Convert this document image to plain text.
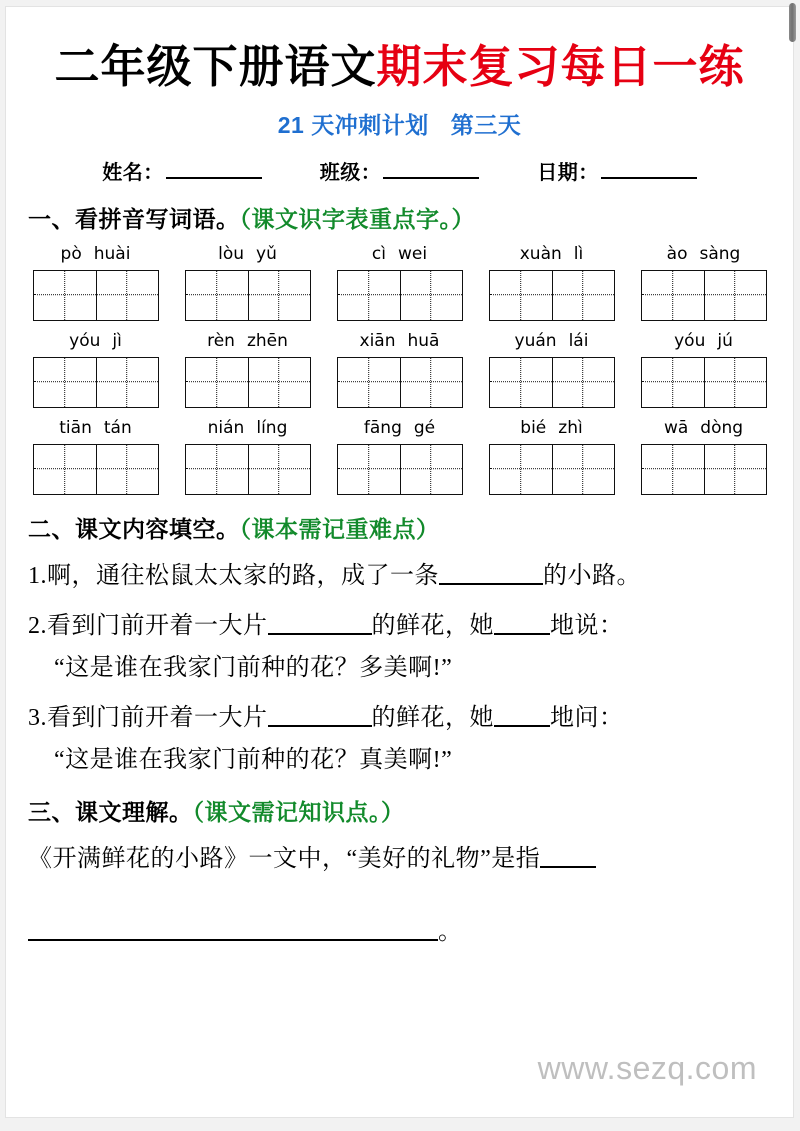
二年级下册语文期末复习每日一练
21 天冲刺计划 第三天
姓名：	班级：	日期：
一、看拼音写词语。（课文识字表重点字。）
pò huài	lòu yǔ	cì wei	xuàn lì	ào sàng
yóu jì	rèn zhēn	xiān huā	yuán lái	yóu jú
tiān tán	nián líng	fāng gé	bié zhì	wā dòng
二、课文内容填空。（课本需记重难点）
1.啊，通往松鼠太太家的路，成了一条	的小路。
2.看到门前开着一大片	的鲜花，她 地说：
“这是谁在我家门前种的花？多美啊!”
3.看到门前开着一大片	的鲜花，她 地问：
“这是谁在我家门前种的花？真美啊!”
三、课文理解。（课文需记知识点。）
《开满鲜花的小路》一文中，“美好的礼物”是指
。
www.sezq.com
